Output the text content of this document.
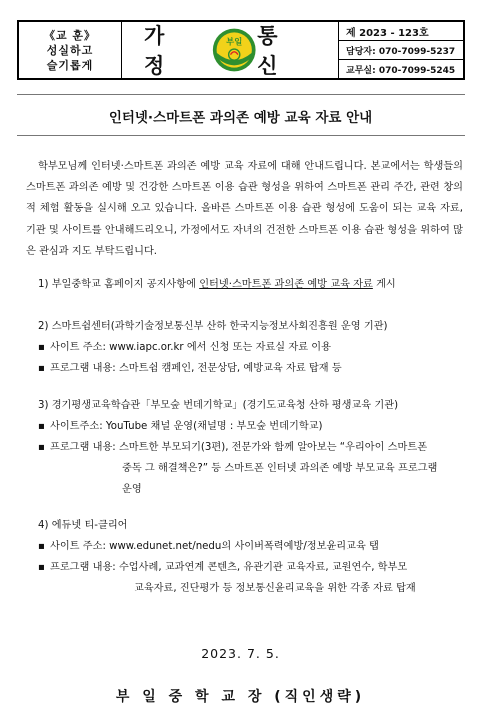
《교 훈》
성실하고
슬기롭게
가 정
부일 통 신
제 2023 - 123호
담당자: 070-7099-5237
교무실: 070-7099-5245
인터넷·스마트폰 과의존 예방 교육 자료 안내

학부모님께 인터넷·스마트폰 과의존 예방 교육 자료에 대해 안내드립니다. 본교에서는 학생들의 스마트폰 과의존 예방 및 건강한 스마트폰 이용 습관 형성을 위하여 스마트폰 관리 주간, 관련 창의적 체험 활동을 실시해 오고 있습니다. 올바른 스마트폰 이용 습관 형성에 도움이 되는 교육 자료, 기관 및 사이트를 안내해드리오니, 가정에서도 자녀의 건전한 스마트폰 이용 습관 형성을 위하여 많은 관심과 지도 부탁드립니다.

1) 부일중학교 홈페이지 공지사항에 인터넷·스마트폰 과의존 예방 교육 자료 게시
2) 스마트쉼센터(과학기술정보통신부 산하 한국지능정보사회진흥원 운영 기관)
▪ 사이트 주소: www.iapc.or.kr 에서 신청 또는 자료실 자료 이용
▪ 프로그램 내용: 스마트쉼 캠페인, 전문상담, 예방교육 자료 탑재 등
3) 경기평생교육학습관「부모숲 번데기학교」(경기도교육청 산하 평생교육 기관)
▪ 사이트주소: YouTube 채널 운영(채널명 : 부모숲 번데기학교)
▪ 프로그램 내용: 스마트한 부모되기(3편), 전문가와 함께 알아보는 “우리아이 스마트폰
중독 그 해결책은?” 등 스마트폰 인터넷 과의존 예방 부모교육 프로그램
운영
4) 에듀넷 티-클리어
▪ 사이트 주소: www.edunet.net/nedu의 사이버폭력예방/정보윤리교육 탭
▪ 프로그램 내용: 수업사례, 교과연계 콘텐츠, 유관기관 교육자료, 교원연수, 학부모
교육자료, 진단평가 등 정보통신윤리교육을 위한 각종 자료 탑재
2023. 7. 5.
부 일 중 학 교 장 (직인생략)
